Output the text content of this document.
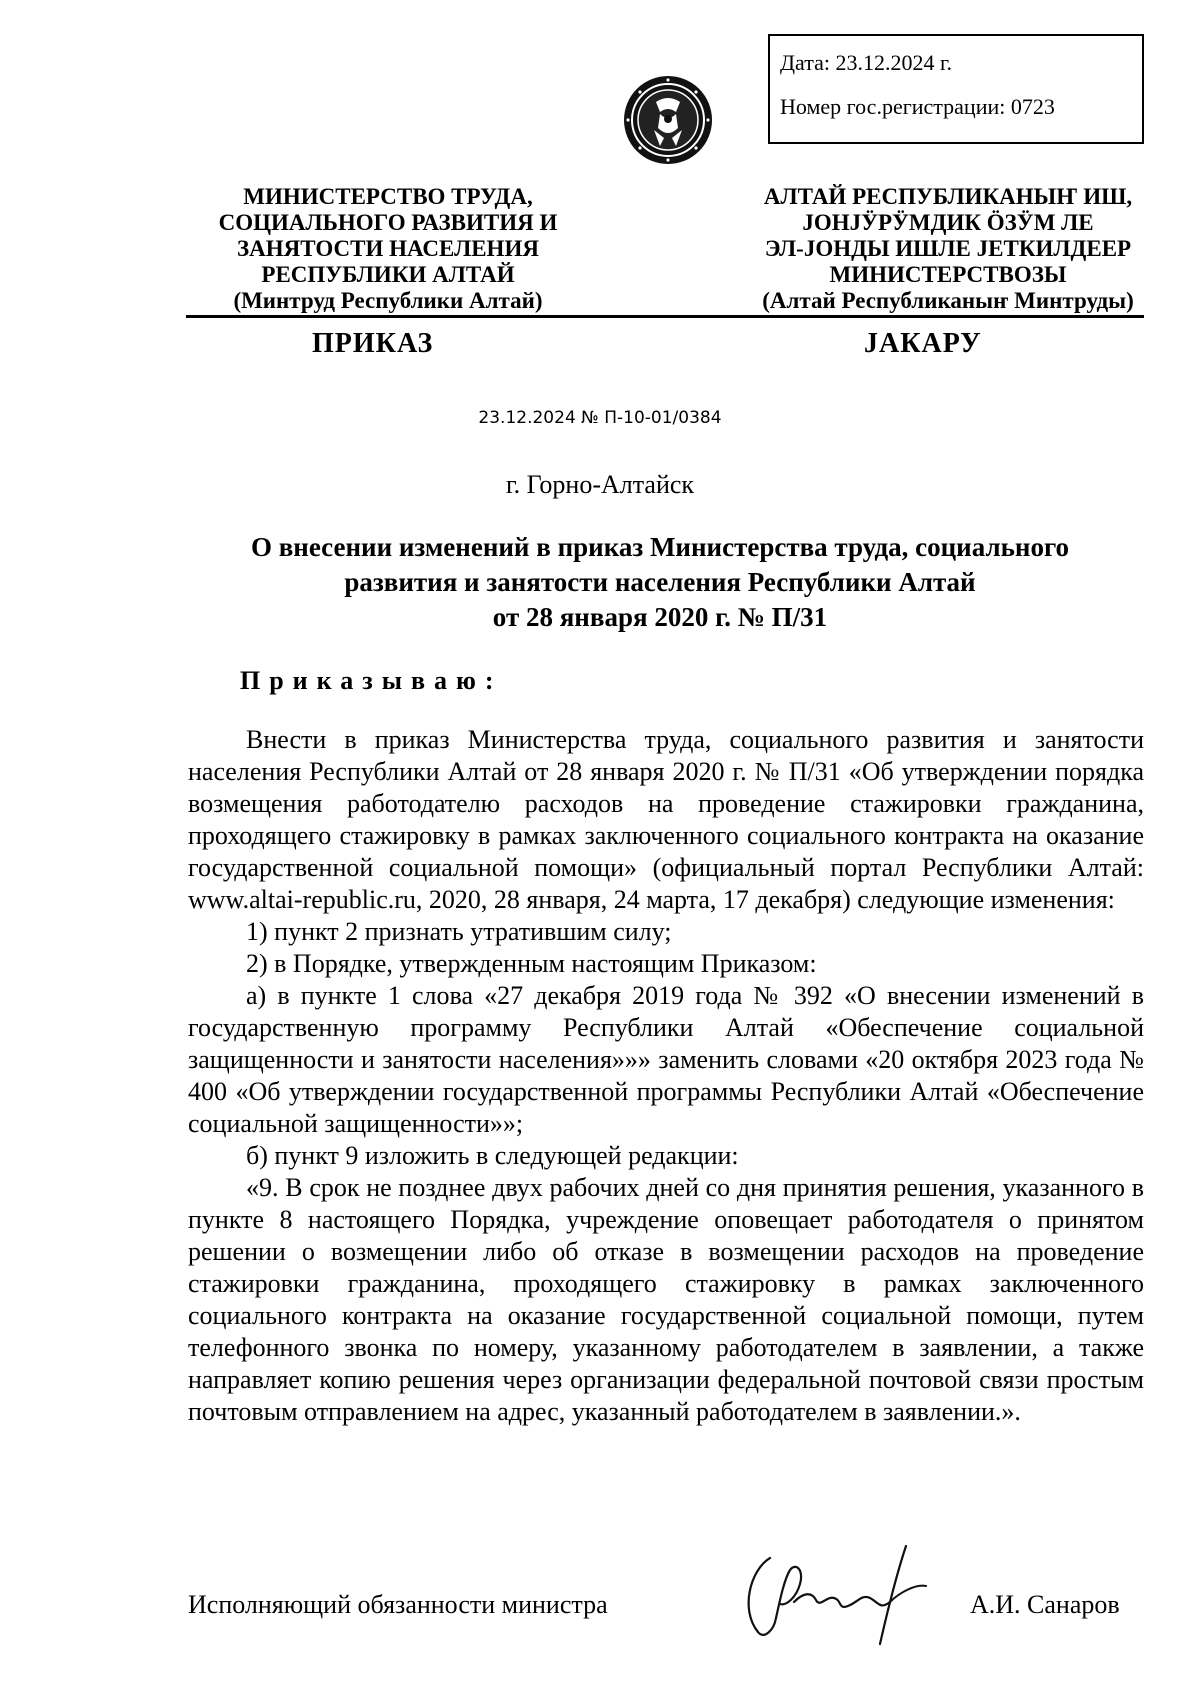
Дата: 23.12.2024 г.
Номер гос.регистрации: 0723
МИНИСТЕРСТВО ТРУДА,
СОЦИАЛЬНОГО РАЗВИТИЯ И
ЗАНЯТОСТИ НАСЕЛЕНИЯ
РЕСПУБЛИКИ АЛТАЙ
(Минтруд Республики Алтай)
АЛТАЙ РЕСПУБЛИКАНЫҤ ИШ,
ЈОНЈӰРӰМДИК ÖЗӰМ ЛЕ
ЭЛ-ЈОНДЫ ИШЛЕ ЈЕТКИЛДЕЕР
МИНИСТЕРСТВОЗЫ
(Алтай Республиканыҥ Минтруды)
ПРИКАЗ	ЈАКАРУ
23.12.2024 № П-10-01/0384
г. Горно-Алтайск
О внесении изменений в приказ Министерства труда, социального
развития и занятости населения Республики Алтай
от 28 января 2020 г. № П/31
Приказываю:

Внести в приказ Министерства труда, социального развития и занятости населения Республики Алтай от 28 января 2020 г. № П/31 «Об утверждении порядка возмещения работодателю расходов на проведение стажировки гражданина, проходящего стажировку в рамках заключенного социального контракта на оказание государственной социальной помощи» (официальный портал Республики Алтай: www.altai-republic.ru, 2020, 28 января, 24 марта, 17 декабря) следующие изменения:

1) пункт 2 признать утратившим силу;

2) в Порядке, утвержденным настоящим Приказом:

а) в пункте 1 слова «27 декабря 2019 года № 392 «О внесении изменений в государственную программу Республики Алтай «Обеспечение социальной защищенности и занятости населения»»» заменить словами «20 октября 2023 года № 400 «Об утверждении государственной программы Республики Алтай «Обеспечение социальной защищенности»»;

б) пункт 9 изложить в следующей редакции:

«9. В срок не позднее двух рабочих дней со дня принятия решения, указанного в пункте 8 настоящего Порядка, учреждение оповещает работодателя о принятом решении о возмещении либо об отказе в возмещении расходов на проведение стажировки гражданина, проходящего стажировку в рамках заключенного социального контракта на оказание государственной социальной помощи, путем телефонного звонка по номеру, указанному работодателем в заявлении, а также направляет копию решения через организации федеральной почтовой связи простым почтовым отправлением на адрес, указанный работодателем в заявлении.».

Исполняющий обязанности министра	А.И. Санаров
